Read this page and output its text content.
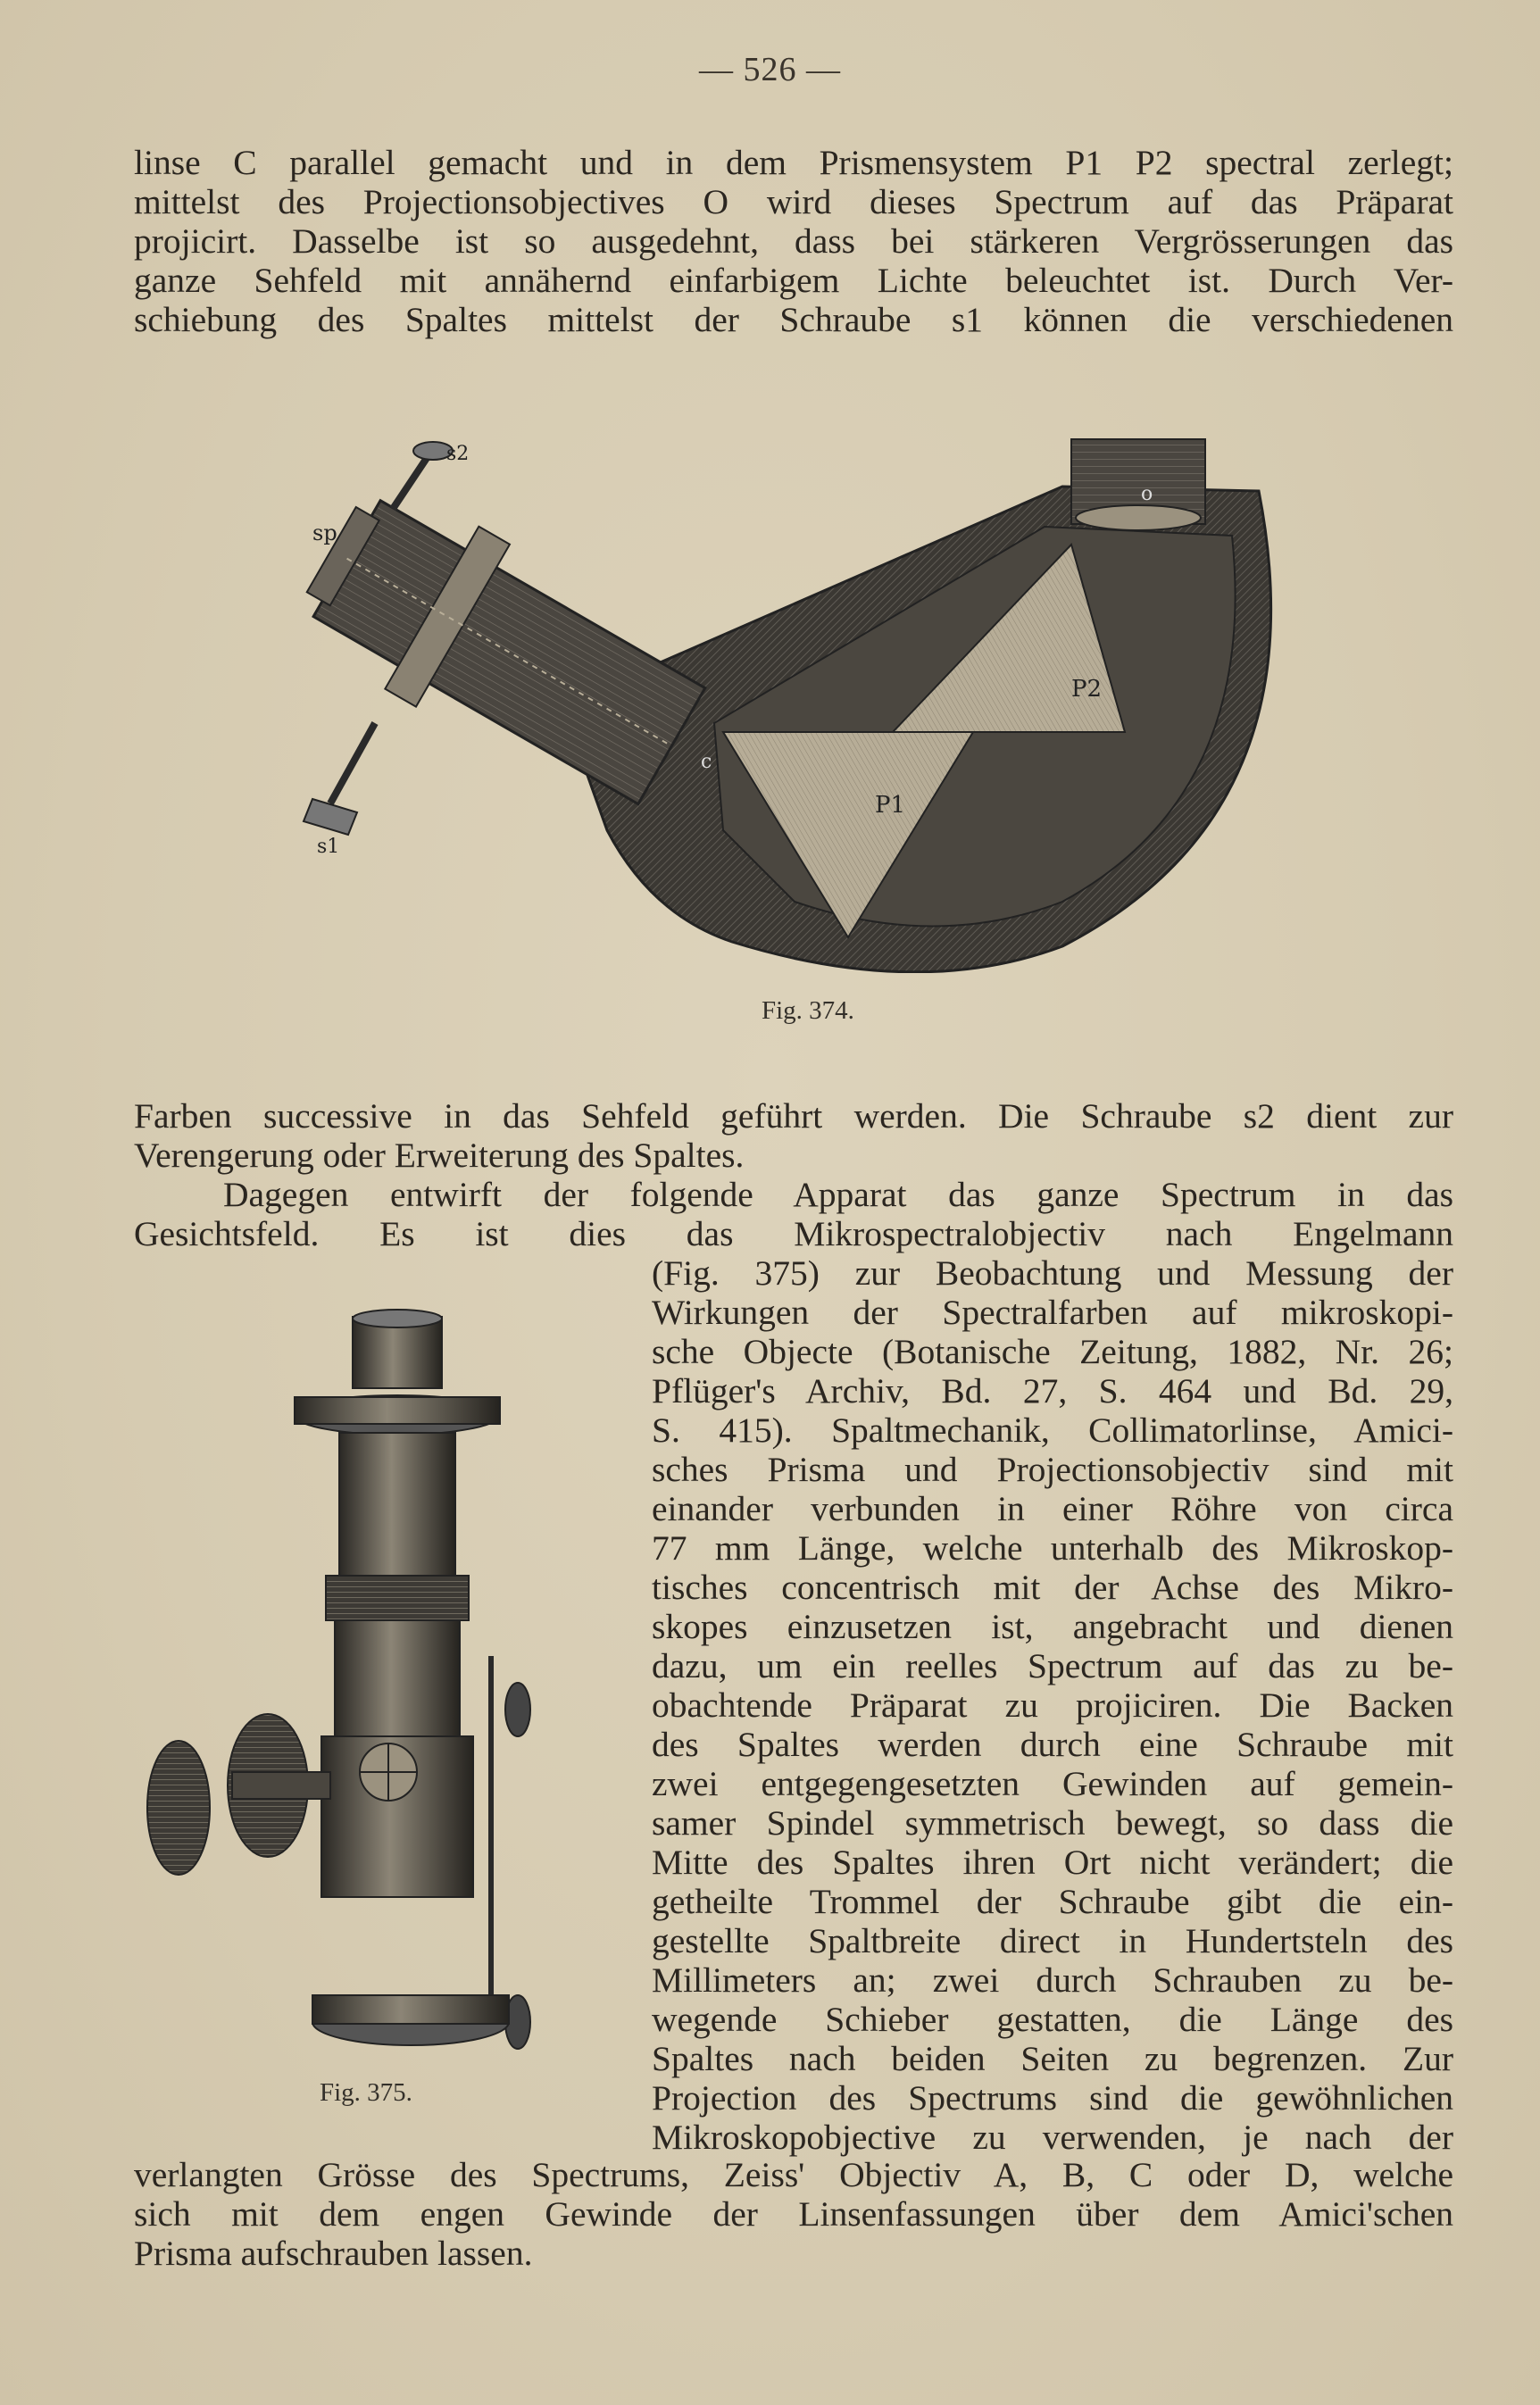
— 526 —
linse C parallel gemacht und in dem Prismensystem P1 P2 spectral zerlegt;
mittelst des Projectionsobjectives O wird dieses Spectrum auf das Präparat
projicirt. Dasselbe ist so ausgedehnt, dass bei stärkeren Vergrösserungen das
ganze Sehfeld mit annähernd einfarbigem Lichte beleuchtet ist. Durch Ver-
schiebung des Spaltes mittelst der Schraube s1 können die verschiedenen
s2
sp
s1
o
c
P1
P2
Fig. 374.
Farben successive in das Sehfeld geführt werden. Die Schraube s2 dient zur
Verengerung oder Erweiterung des Spaltes.
Dagegen entwirft der folgende Apparat das ganze Spectrum in das
Gesichtsfeld. Es ist dies das Mikrospectralobjectiv nach Engelmann
Fig. 375.
(Fig. 375) zur Beobachtung und Messung der
Wirkungen der Spectralfarben auf mikroskopi-
sche Objecte (Botanische Zeitung, 1882, Nr. 26;
Pflüger's Archiv, Bd. 27, S. 464 und Bd. 29,
S. 415). Spaltmechanik, Collimatorlinse, Amici-
sches Prisma und Projectionsobjectiv sind mit
einander verbunden in einer Röhre von circa
77 mm Länge, welche unterhalb des Mikroskop-
tisches concentrisch mit der Achse des Mikro-
skopes einzusetzen ist, angebracht und dienen
dazu, um ein reelles Spectrum auf das zu be-
obachtende Präparat zu projiciren. Die Backen
des Spaltes werden durch eine Schraube mit
zwei entgegengesetzten Gewinden auf gemein-
samer Spindel symmetrisch bewegt, so dass die
Mitte des Spaltes ihren Ort nicht verändert; die
getheilte Trommel der Schraube gibt die ein-
gestellte Spaltbreite direct in Hundertsteln des
Millimeters an; zwei durch Schrauben zu be-
wegende Schieber gestatten, die Länge des
Spaltes nach beiden Seiten zu begrenzen. Zur
Projection des Spectrums sind die gewöhnlichen
Mikroskopobjective zu verwenden, je nach der
verlangten Grösse des Spectrums, Zeiss' Objectiv A, B, C oder D, welche
sich mit dem engen Gewinde der Linsenfassungen über dem Amici'schen
Prisma aufschrauben lassen.
